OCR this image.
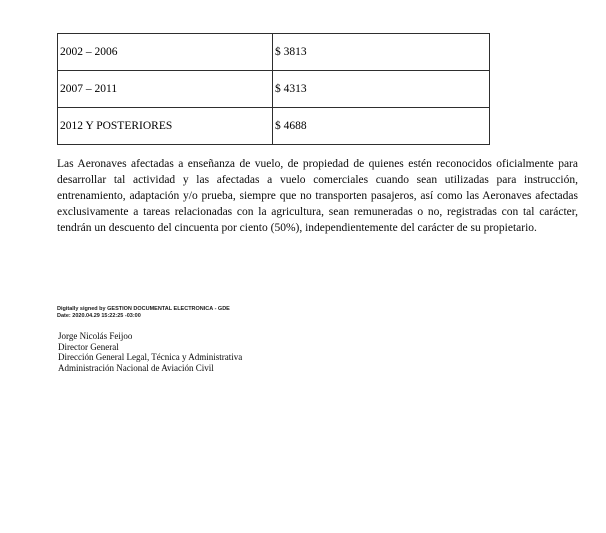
2002 – 2006	$ 3813
2007 – 2011	$ 4313
2012 Y POSTERIORES	$ 4688

Las Aeronaves afectadas a enseñanza de vuelo, de propiedad de quienes estén reconocidos oficialmente para desarrollar tal actividad y las afectadas a vuelo comerciales cuando sean utilizadas para instrucción, entrenamiento, adaptación y/o prueba, siempre que no transporten pasajeros, así como las Aeronaves afectadas exclusivamente a tareas relacionadas con la agricultura, sean remuneradas o no, registradas con tal carácter, tendrán un descuento del cincuenta por ciento (50%), independientemente del carácter de su propietario.

Digitally signed by GESTION DOCUMENTAL ELECTRONICA - GDE
Date: 2020.04.29 15:22:25 -03:00
Jorge Nicolás Feijoo
Director General
Dirección General Legal, Técnica y Administrativa
Administración Nacional de Aviación Civil
